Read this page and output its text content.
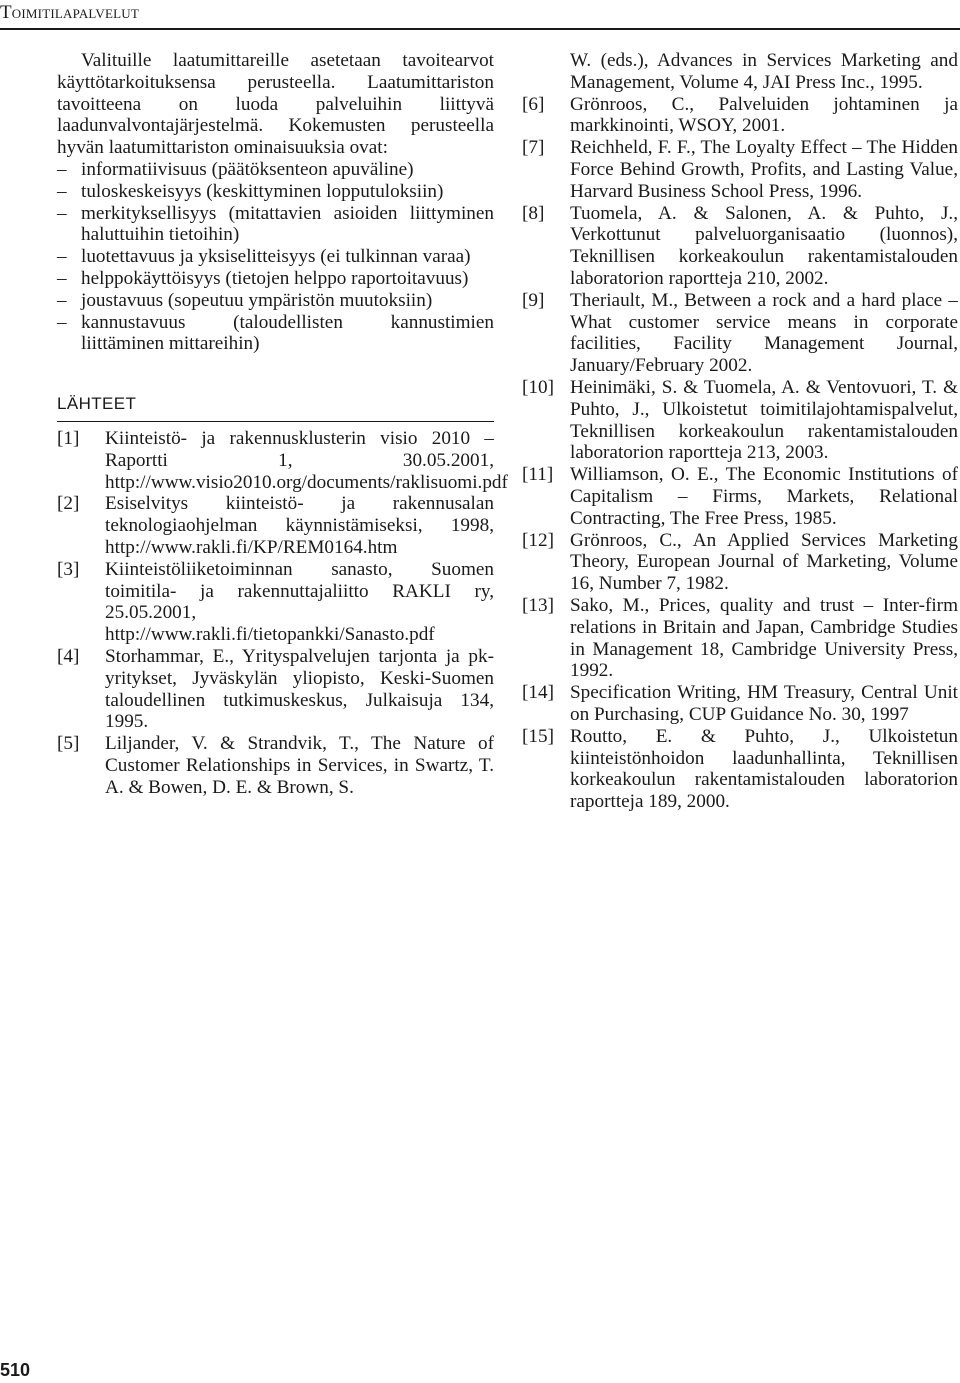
Toimitilapalvelut

Valituille laatumittareille asetetaan tavoitearvot käyttötarkoituksensa perusteella. Laatumittariston tavoitteena on luoda palveluihin liittyvä laadunvalvontajärjestelmä. Kokemusten perusteella hyvän laatumittariston ominaisuuksia ovat:

– informatiivisuus (päätöksenteon apuväline)
– tuloskeskeisyys (keskittyminen lopputuloksiin)
– merkityksellisyys (mitattavien asioiden liittyminen haluttuihin tietoihin)
– luotettavuus ja yksiselitteisyys (ei tulkinnan varaa)
– helppokäyttöisyys (tietojen helppo raportoitavuus)
– joustavuus (sopeutuu ympäristön muutoksiin)
– kannustavuus (taloudellisten kannustimien liittäminen mittareihin)
LÄHTEET
[1] Kiinteistö- ja rakennusklusterin visio 2010 – Raportti 1, 30.05.2001, http://www.visio2010.org/documents/raklisuomi.pdf
[2] Esiselvitys kiinteistö- ja rakennusalan teknologiaohjelman käynnistämiseksi, 1998, http://www.rakli.fi/KP/REM0164.htm
[3] Kiinteistöliiketoiminnan sanasto, Suomen toimitila- ja rakennuttajaliitto RAKLI ry, 25.05.2001, http://www.rakli.fi/tietopankki/Sanasto.pdf
[4] Storhammar, E., Yrityspalvelujen tarjonta ja pk-yritykset, Jyväskylän yliopisto, Keski-Suomen taloudellinen tutkimuskeskus, Julkaisuja 134, 1995.
[5] Liljander, V. & Strandvik, T., The Nature of Customer Relationships in Services, in Swartz, T. A. & Bowen, D. E. & Brown, S.
W. (eds.), Advances in Services Marketing and Management, Volume 4, JAI Press Inc., 1995.
[6] Grönroos, C., Palveluiden johtaminen ja markkinointi, WSOY, 2001.
[7] Reichheld, F. F., The Loyalty Effect – The Hidden Force Behind Growth, Profits, and Lasting Value, Harvard Business School Press, 1996.
[8] Tuomela, A. & Salonen, A. & Puhto, J., Verkottunut palveluorganisaatio (luonnos), Teknillisen korkeakoulun rakentamistalouden laboratorion raportteja 210, 2002.
[9] Theriault, M., Between a rock and a hard place – What customer service means in corporate facilities, Facility Management Journal, January/February 2002.
[10] Heinimäki, S. & Tuomela, A. & Ventovuori, T. & Puhto, J., Ulkoistetut toimitilajohtamispalvelut, Teknillisen korkeakoulun rakentamistalouden laboratorion raportteja 213, 2003.
[11] Williamson, O. E., The Economic Institutions of Capitalism – Firms, Markets, Relational Contracting, The Free Press, 1985.
[12] Grönroos, C., An Applied Services Marketing Theory, European Journal of Marketing, Volume 16, Number 7, 1982.
[13] Sako, M., Prices, quality and trust – Inter-firm relations in Britain and Japan, Cambridge Studies in Management 18, Cambridge University Press, 1992.
[14] Specification Writing, HM Treasury, Central Unit on Purchasing, CUP Guidance No. 30, 1997
[15] Routto, E. & Puhto, J., Ulkoistetun kiinteistönhoidon laadunhallinta, Teknillisen korkeakoulun rakentamistalouden laboratorion raportteja 189, 2000.
510
